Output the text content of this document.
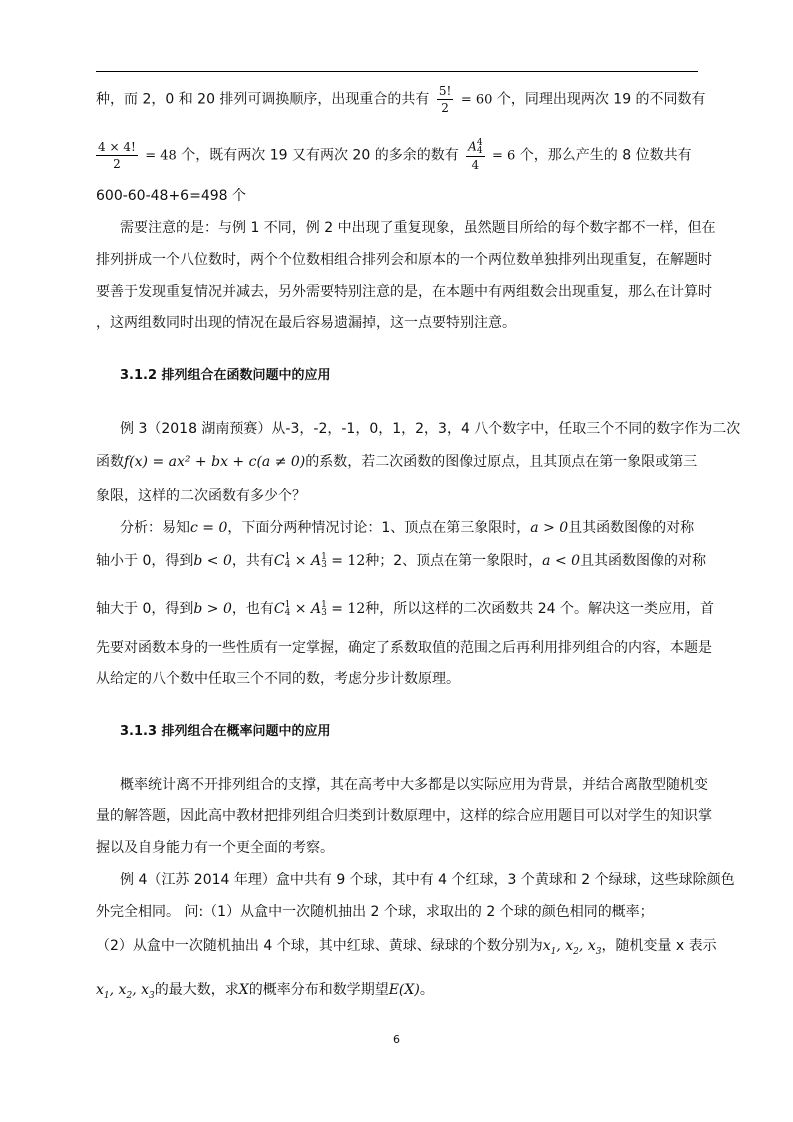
种，而 2，0 和 20 排列可调换顺序，出现重合的共有 $\frac{5!}{2} = 60$ 个，同理出现两次 19 的不同数有
$\frac{4 \times 4!}{2} = 48$ 个，既有两次 19 又有两次 20 的多余的数有 A 4
4
4 = 6 个，那么产生的 8 位数共有
600-60-48+6=498 个
需要注意的是：与例 1 不同，例 2 中出现了重复现象，虽然题目所给的每个数字都不一样，但在
排列拼成一个八位数时，两个个位数相组合排列会和原本的一个两位数单独排列出现重复，在解题时
要善于发现重复情况并减去，另外需要特别注意的是，在本题中有两组数会出现重复，那么在计算时
，这两组数同时出现的情况在最后容易遗漏掉，这一点要特别注意。
3.1.2 排列组合在函数问题中的应用
例 3（2018 湖南预赛）从-3，-2，-1，0，1，2，3，4 八个数字中，任取三个不同的数字作为二次
函数f(x) = ax² + bx + c(a ≠ 0)的系数，若二次函数的图像过原点，且其顶点在第一象限或第三
象限，这样的二次函数有多少个？
分析：易知c = 0，下面分两种情况讨论：1、顶点在第三象限时，a > 0且其函数图像的对称
轴小于 0，得到b < 0，共有C 1
4 × A 1
3 = 12种；2、顶点在第一象限时，a < 0且其函数图像的对称
轴大于 0，得到b > 0，也有C 1
4 × A 1
3 = 12种，所以这样的二次函数共 24 个。解决这一类应用，首
先要对函数本身的一些性质有一定掌握，确定了系数取值的范围之后再利用排列组合的内容，本题是
从给定的八个数中任取三个不同的数，考虑分步计数原理。
3.1.3 排列组合在概率问题中的应用
概率统计离不开排列组合的支撑，其在高考中大多都是以实际应用为背景，并结合离散型随机变
量的解答题，因此高中教材把排列组合归类到计数原理中，这样的综合应用题目可以对学生的知识掌
握以及自身能力有一个更全面的考察。
例 4（江苏 2014 年理）盒中共有 9 个球，其中有 4 个红球，3 个黄球和 2 个绿球，这些球除颜色
外完全相同。 问:（1）从盒中一次随机抽出 2 个球，求取出的 2 个球的颜色相同的概率；
（2）从盒中一次随机抽出 4 个球，其中红球、黄球、绿球的个数分别为$x_1$, $x_2$, $x_3$，随机变量 x 表示
$x_1$, $x_2$, $x_3$的最大数，求X的概率分布和数学期望E(X)。
6
